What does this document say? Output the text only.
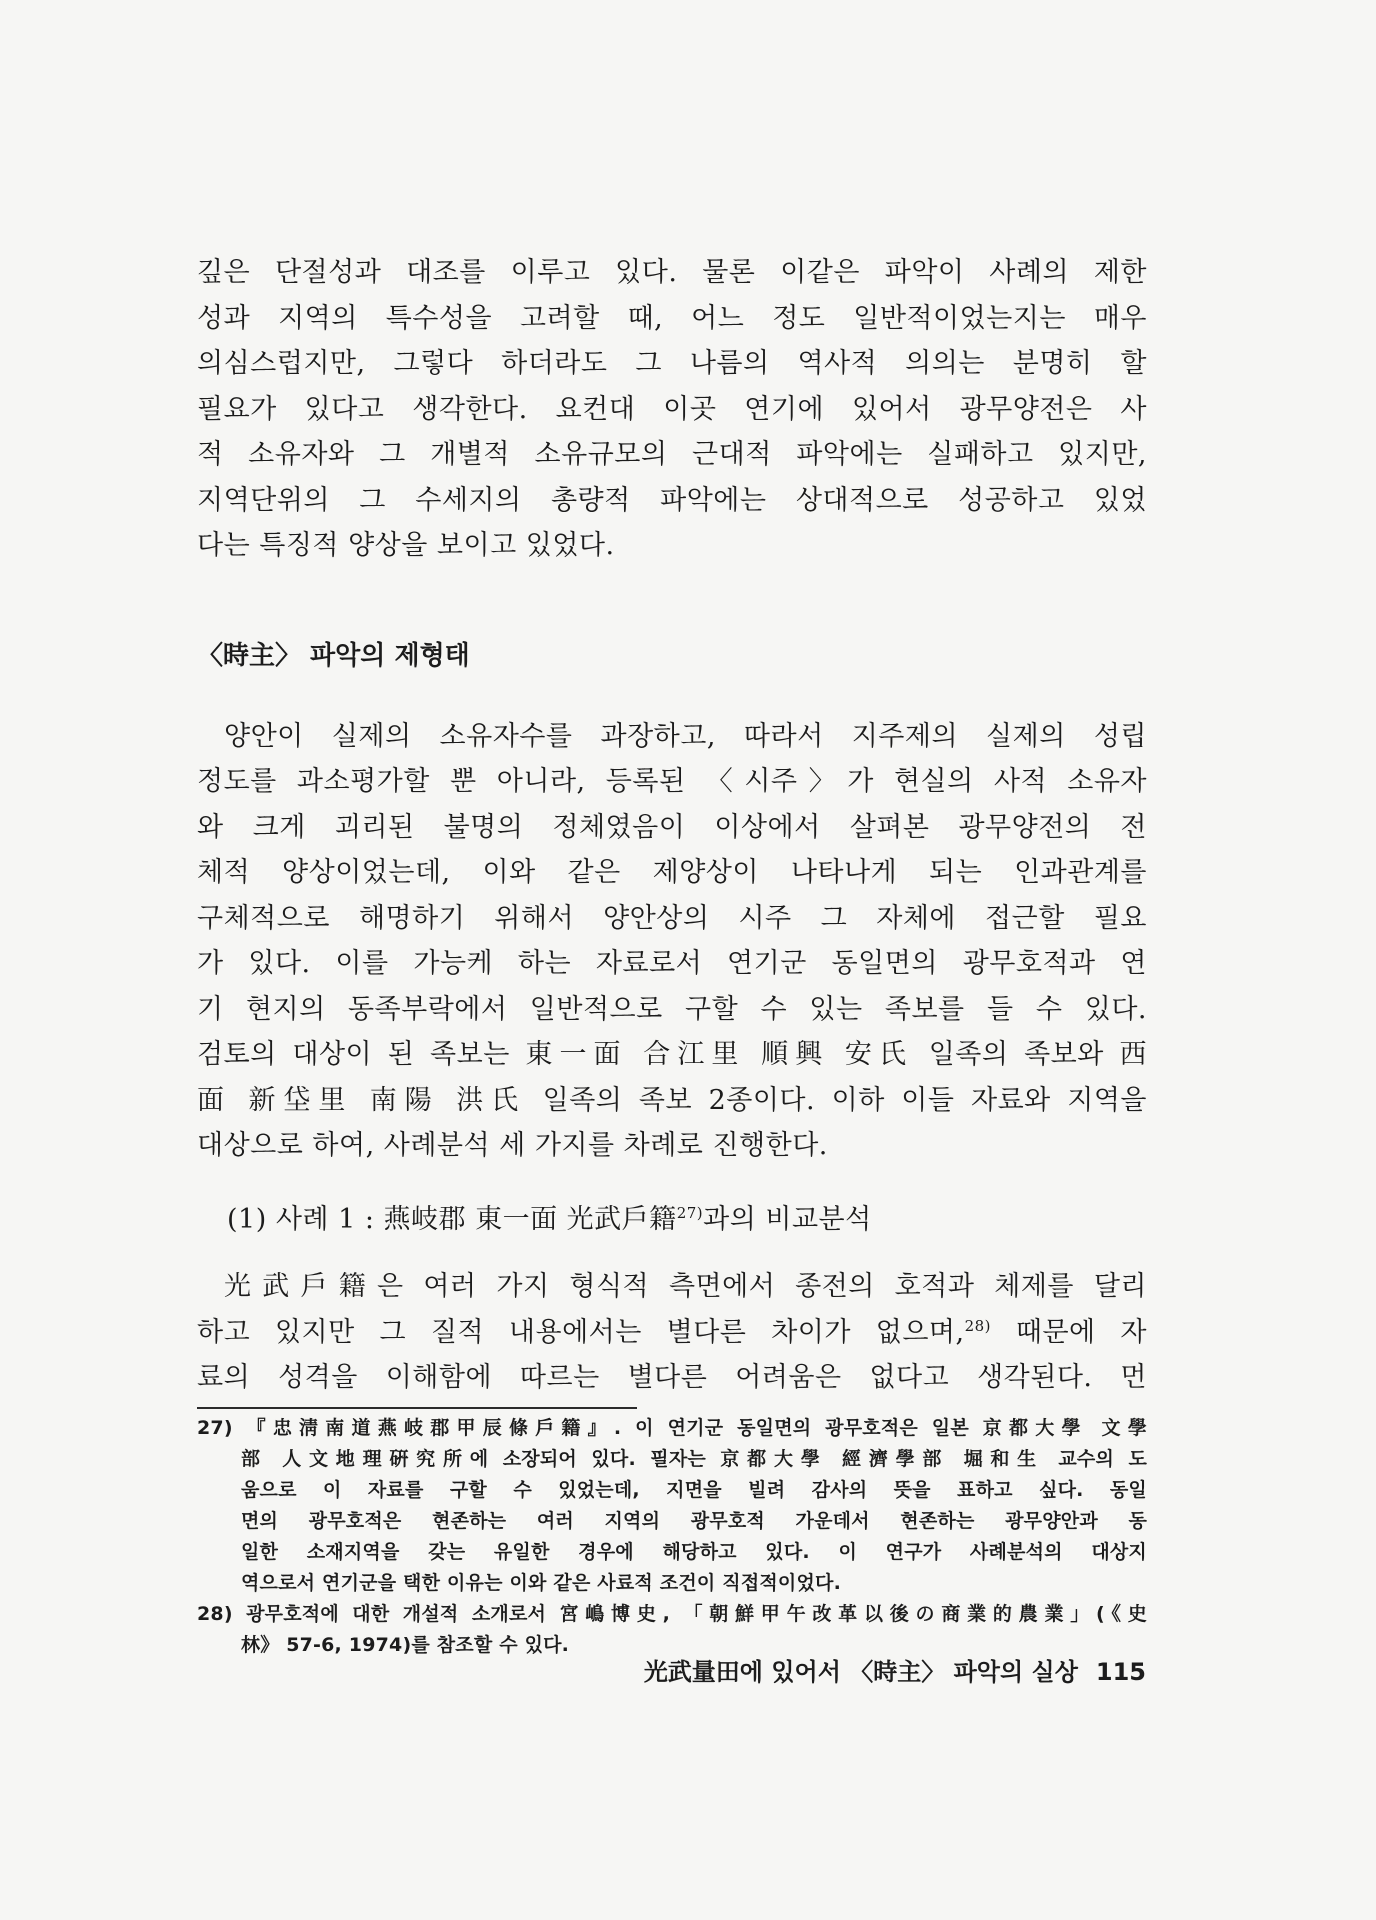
깊은 단절성과 대조를 이루고 있다. 물론 이같은 파악이 사례의 제한
성과 지역의 특수성을 고려할 때, 어느 정도 일반적이었는지는 매우
의심스럽지만, 그렇다 하더라도 그 나름의 역사적 의의는 분명히 할
필요가 있다고 생각한다. 요컨대 이곳 연기에 있어서 광무양전은 사
적 소유자와 그 개별적 소유규모의 근대적 파악에는 실패하고 있지만,
지역단위의 그 수세지의 총량적 파악에는 상대적으로 성공하고 있었
다는 특징적 양상을 보이고 있었다.

〈時主〉 파악의 제형태

양안이 실제의 소유자수를 과장하고, 따라서 지주제의 실제의 성립
정도를 과소평가할 뿐 아니라, 등록된 〈시주〉가 현실의 사적 소유자
와 크게 괴리된 불명의 정체였음이 이상에서 살펴본 광무양전의 전
체적 양상이었는데, 이와 같은 제양상이 나타나게 되는 인과관계를
구체적으로 해명하기 위해서 양안상의 시주 그 자체에 접근할 필요
가 있다. 이를 가능케 하는 자료로서 연기군 동일면의 광무호적과 연
기 현지의 동족부락에서 일반적으로 구할 수 있는 족보를 들 수 있다.
검토의 대상이 된 족보는 東一面 合江里 順興 安氏 일족의 족보와 西
面 新垈里 南陽 洪氏 일족의 족보 2종이다. 이하 이들 자료와 지역을
대상으로 하여, 사례분석 세 가지를 차례로 진행한다.

(1) 사례 1 : 燕岐郡 東一面 光武戶籍$^{27)}$과의 비교분석

光武戶籍은 여러 가지 형식적 측면에서 종전의 호적과 체제를 달리
하고 있지만 그 질적 내용에서는 별다른 차이가 없으며,$^{28)}$ 때문에 자
료의 성격을 이해함에 따르는 별다른 어려움은 없다고 생각된다. 먼
27) 『忠淸南道燕岐郡甲辰條戶籍』. 이 연기군 동일면의 광무호적은 일본 京都大學 文學
部 人文地理硏究所에 소장되어 있다. 필자는 京都大學 經濟學部 堀和生 교수의 도
움으로 이 자료를 구할 수 있었는데, 지면을 빌려 감사의 뜻을 표하고 싶다. 동일
면의 광무호적은 현존하는 여러 지역의 광무호적 가운데서 현존하는 광무양안과 동
일한 소재지역을 갖는 유일한 경우에 해당하고 있다. 이 연구가 사례분석의 대상지
역으로서 연기군을 택한 이유는 이와 같은 사료적 조건이 직접적이었다.
28) 광무호적에 대한 개설적 소개로서 宮嶋博史, 「朝鮮甲午改革以後の商業的農業」(《史
林》 57-6, 1974)를 참조할 수 있다.
光武量田에 있어서 〈時主〉 파악의 실상 115
